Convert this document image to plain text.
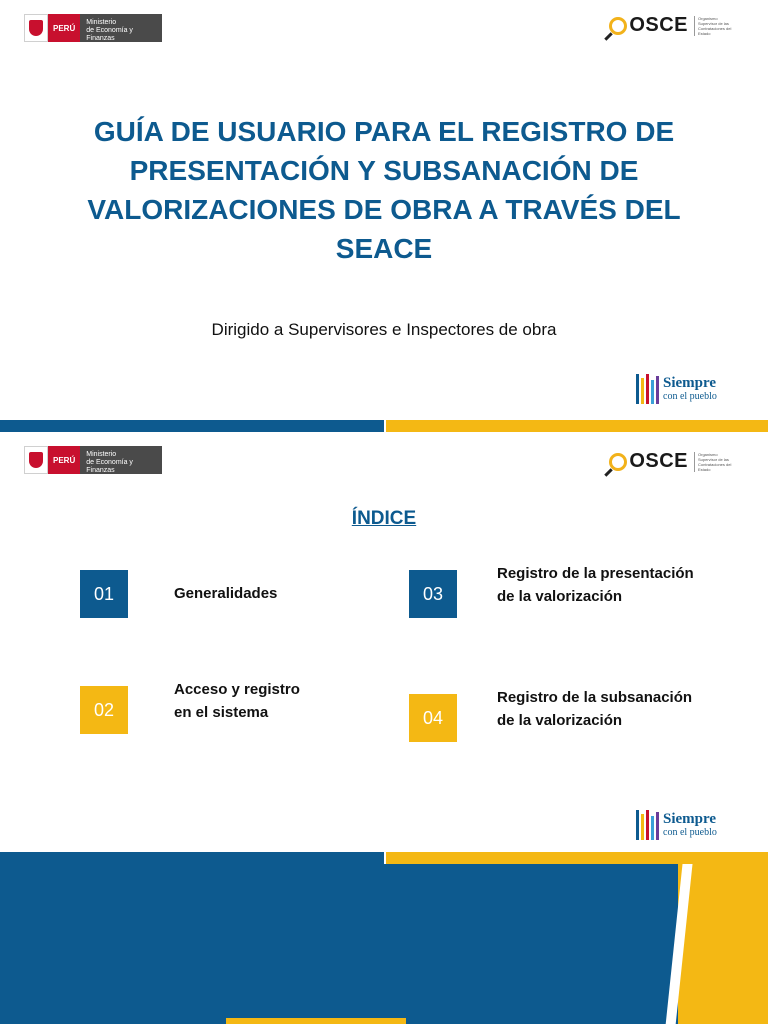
PERÚ
Ministerio
de Economía y Finanzas
OSCE	Organismo Supervisor de las Contrataciones del Estado
GUÍA DE USUARIO PARA EL REGISTRO DE
PRESENTACIÓN Y SUBSANACIÓN DE
VALORIZACIONES DE OBRA A TRAVÉS DEL
SEACE

Dirigido a Supervisores e Inspectores de obra

Siempre
con el pueblo
PERÚ
Ministerio
de Economía y Finanzas	OSCE	Organismo Supervisor de las Contrataciones del Estado
ÍNDICE
01	Generalidades
02
Acceso y registro
en el sistema
03
Registro de la presentación
de la valorización
04
Registro de la subsanación
de la valorización
Siempre
con el pueblo
